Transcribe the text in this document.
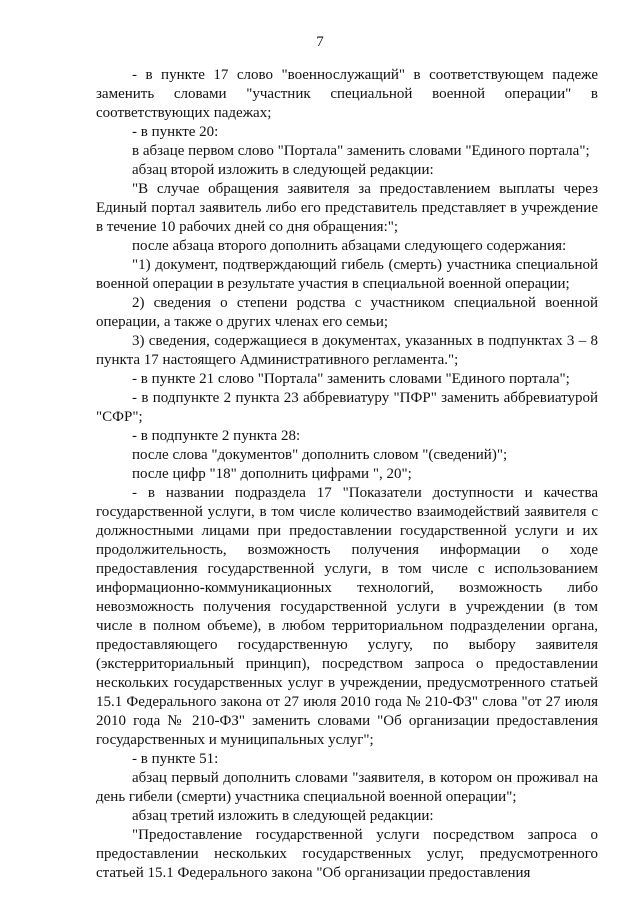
7

- в пункте 17 слово "военнослужащий" в соответствующем падеже заменить словами "участник специальной военной операции" в соответствующих падежах;

- в пункте 20:

в абзаце первом слово "Портала" заменить словами "Единого портала";

абзац второй изложить в следующей редакции:

"В случае обращения заявителя за предоставлением выплаты через Единый портал заявитель либо его представитель представляет в учреждение в течение 10 рабочих дней со дня обращения:";

после абзаца второго дополнить абзацами следующего содержания:

"1) документ, подтверждающий гибель (смерть) участника специальной военной операции в результате участия в специальной военной операции;

2) сведения о степени родства с участником специальной военной операции, а также о других членах его семьи;

3) сведения, содержащиеся в документах, указанных в подпунктах 3 – 8 пункта 17 настоящего Административного регламента.";

- в пункте 21 слово "Портала" заменить словами "Единого портала";

- в подпункте 2 пункта 23 аббревиатуру "ПФР" заменить аббревиатурой "СФР";

- в подпункте 2 пункта 28:

после слова "документов" дополнить словом "(сведений)";

после цифр "18" дополнить цифрами ", 20";

- в названии подраздела 17 "Показатели доступности и качества государственной услуги, в том числе количество взаимодействий заявителя с должностными лицами при предоставлении государственной услуги и их продолжительность, возможность получения информации о ходе предоставления государственной услуги, в том числе с использованием информационно-коммуникационных технологий, возможность либо невозможность получения государственной услуги в учреждении (в том числе в полном объеме), в любом территориальном подразделении органа, предоставляющего государственную услугу, по выбору заявителя (экстерриториальный принцип), посредством запроса о предоставлении нескольких государственных услуг в учреждении, предусмотренного статьей 15.1 Федерального закона от 27 июля 2010 года № 210-ФЗ" слова "от 27 июля 2010 года № 210-ФЗ" заменить словами "Об организации предоставления государственных и муниципальных услуг";

- в пункте 51:

абзац первый дополнить словами "заявителя, в котором он проживал на день гибели (смерти) участника специальной военной операции";

абзац третий изложить в следующей редакции:

"Предоставление государственной услуги посредством запроса о предоставлении нескольких государственных услуг, предусмотренного статьей 15.1 Федерального закона "Об организации предоставления
